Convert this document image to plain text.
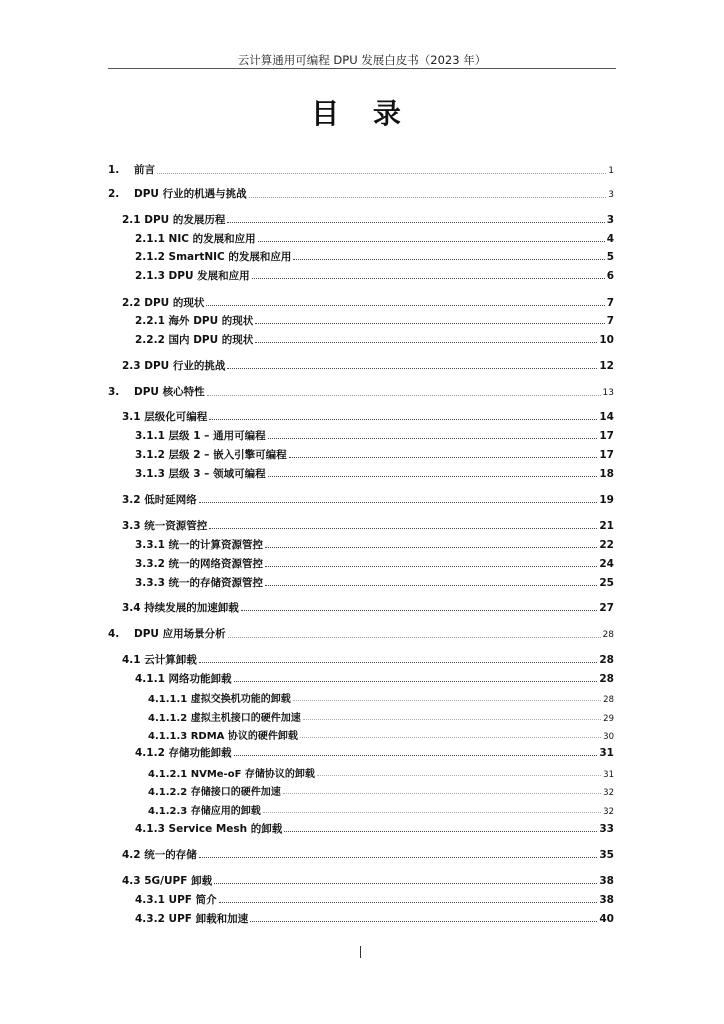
云计算通用可编程 DPU 发展白皮书（2023 年）
目 录
1.	前言	1
2.	DPU 行业的机遇与挑战	3
2.1 DPU 的发展历程	3
2.1.1 NIC 的发展和应用	4
2.1.2 SmartNIC 的发展和应用	5
2.1.3 DPU 发展和应用	6
2.2 DPU 的现状	7
2.2.1 海外 DPU 的现状	7
2.2.2 国内 DPU 的现状	10
2.3 DPU 行业的挑战	12
3.	DPU 核心特性	13
3.1 层级化可编程	14
3.1.1 层级 1 – 通用可编程	17
3.1.2 层级 2 – 嵌入引擎可编程	17
3.1.3 层级 3 – 领域可编程	18
3.2 低时延网络	19
3.3 统一资源管控	21
3.3.1 统一的计算资源管控	22
3.3.2 统一的网络资源管控	24
3.3.3 统一的存储资源管控	25
3.4 持续发展的加速卸载	27
4.	DPU 应用场景分析	28
4.1 云计算卸载	28
4.1.1 网络功能卸载	28
4.1.1.1 虚拟交换机功能的卸载	28
4.1.1.2 虚拟主机接口的硬件加速	29
4.1.1.3 RDMA 协议的硬件卸载	30
4.1.2 存储功能卸载	31
4.1.2.1 NVMe-oF 存储协议的卸载	31
4.1.2.2 存储接口的硬件加速	32
4.1.2.3 存储应用的卸载	32
4.1.3 Service Mesh 的卸载	33
4.2 统一的存储	35
4.3 5G/UPF 卸载	38
4.3.1 UPF 简介	38
4.3.2 UPF 卸载和加速	40
